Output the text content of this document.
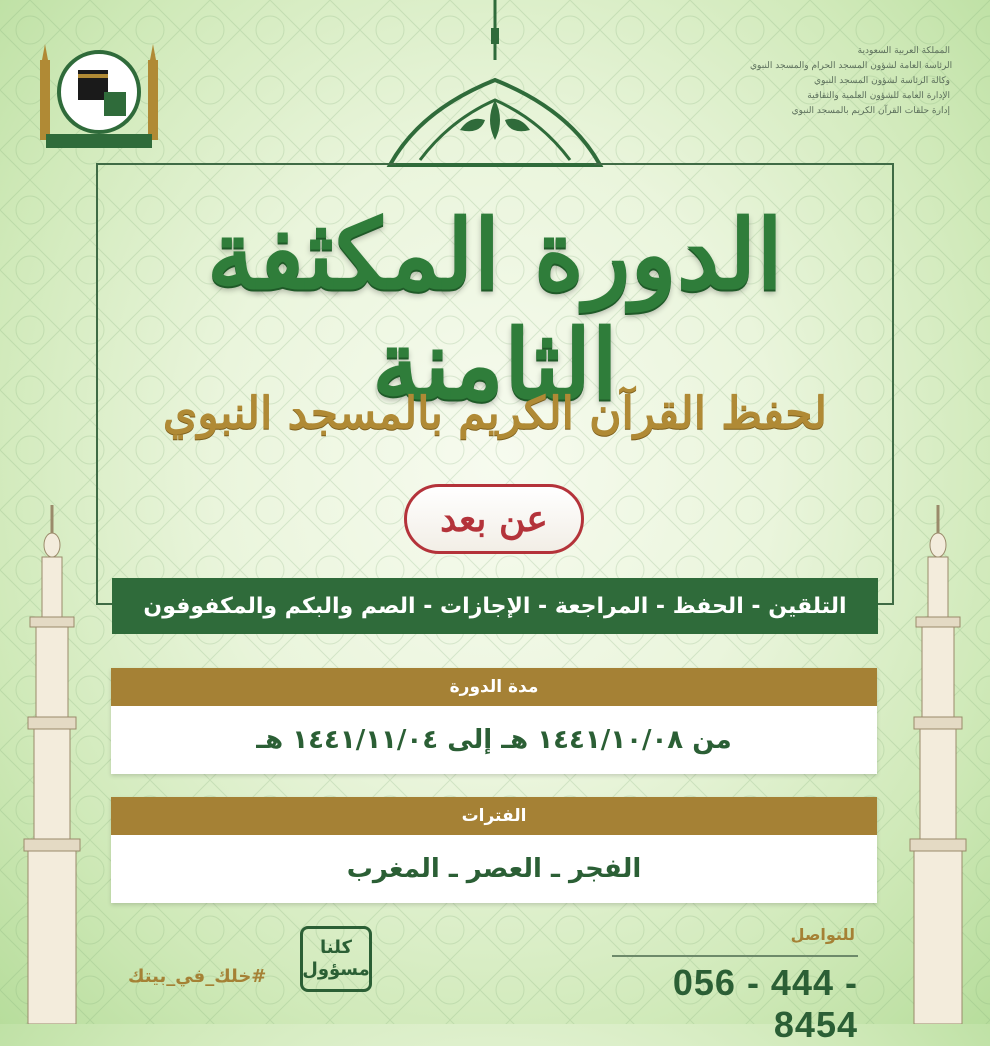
المملكة العربية السعودية
الرئاسة العامة لشؤون المسجد الحرام والمسجد النبوي
وكالة الرئاسة لشؤون المسجد النبوي
الإدارة العامة للشؤون العلمية والثقافية
إدارة حلقات القرآن الكريم بالمسجد النبوي
الدورة المكثفة الثامنة
لحفظ القرآن الكريم بالمسجد النبوي
عن بعد
التلقين - الحفظ - المراجعة - الإجازات - الصم والبكم والمكفوفون
مدة الدورة
من ١٤٤١/١٠/٠٨ هـ إلى ١٤٤١/١١/٠٤ هـ
الفترات
الفجر ـ العصر ـ المغرب
#خلك_في_بيتك
كلنا
مسؤول
للتواصل
056 - 444 - 8454
